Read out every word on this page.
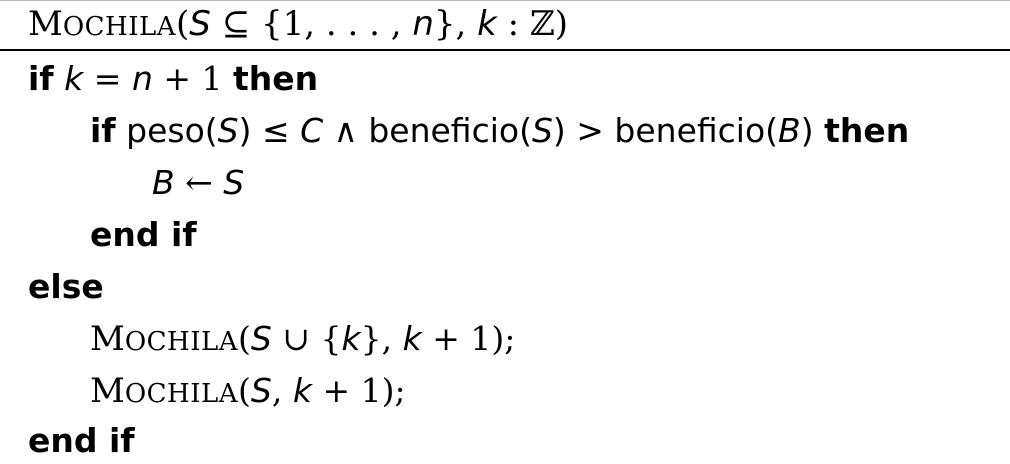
MOCHILA(S ⊆ {1, . . . , n}, k : ℤ)
if k = n + 1 then
if peso(S) ≤ C ∧ beneficio(S) > beneficio(B) then
B ← S
end if
else
MOCHILA(S ∪ {k}, k + 1);
MOCHILA(S, k + 1);
end if
